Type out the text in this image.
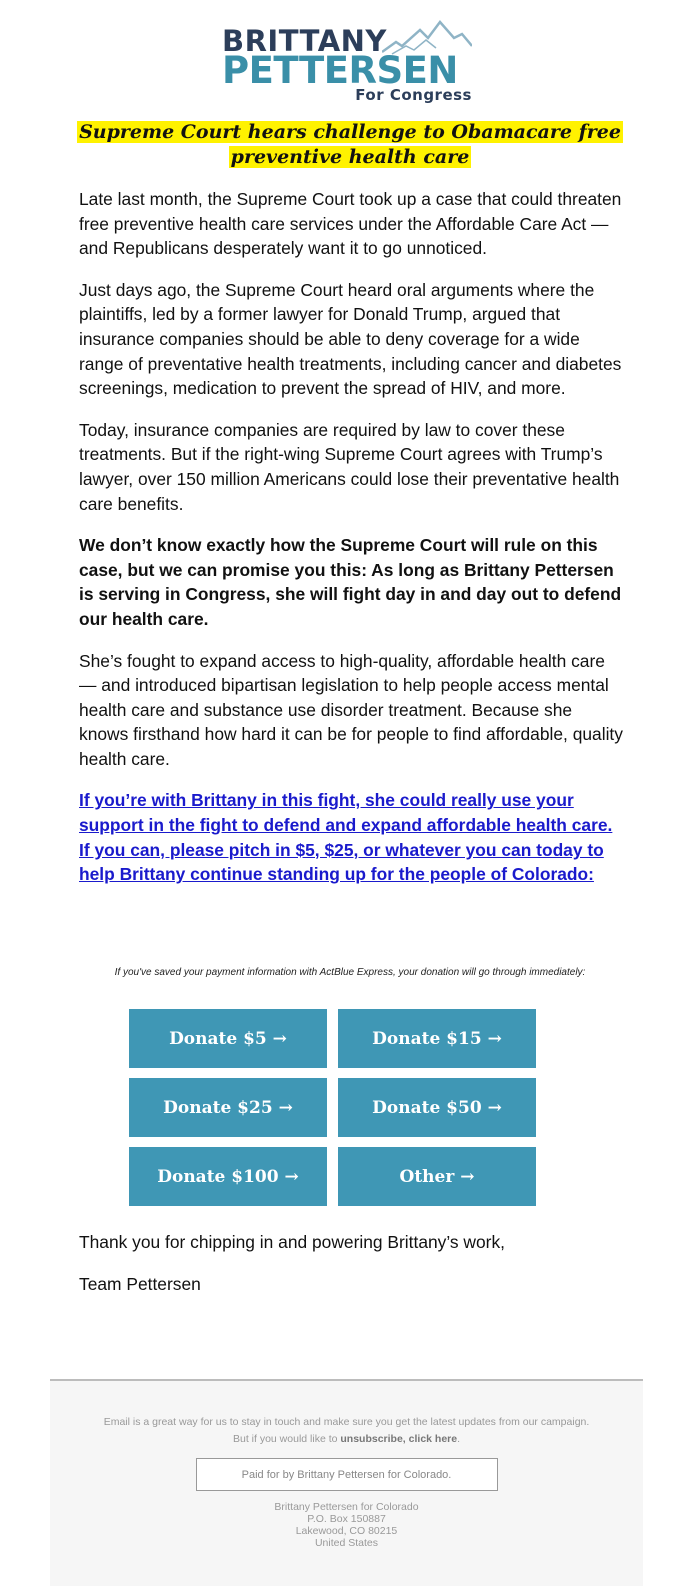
BRITTANY
PETTERSEN
For Congress
Supreme Court hears challenge to Obamacare free
preventive health care

Late last month, the Supreme Court took up a case that could threaten free preventive health care services under the Affordable Care Act — and Republicans desperately want it to go unnoticed.

Just days ago, the Supreme Court heard oral arguments where the plaintiffs, led by a former lawyer for Donald Trump, argued that insurance companies should be able to deny coverage for a wide range of preventative health treatments, including cancer and diabetes screenings, medication to prevent the spread of HIV, and more.

Today, insurance companies are required by law to cover these treatments. But if the right-wing Supreme Court agrees with Trump’s lawyer, over 150 million Americans could lose their preventative health care benefits.

We don’t know exactly how the Supreme Court will rule on this case, but we can promise you this: As long as Brittany Pettersen is serving in Congress, she will fight day in and day out to defend our health care.

She’s fought to expand access to high-quality, affordable health care — and introduced bipartisan legislation to help people access mental health care and substance use disorder treatment. Because she knows firsthand how hard it can be for people to find affordable, quality health care.

If you’re with Brittany in this fight, she could really use your support in the fight to defend and expand affordable health care. If you can, please pitch in $5, $25, or whatever you can today to help Brittany continue standing up for the people of Colorado:

If you've saved your payment information with ActBlue Express, your donation will go through immediately:
Donate $5 →	Donate $15 →
Donate $25 →	Donate $50 →
Donate $100 →	Other →

Thank you for chipping in and powering Brittany’s work,

Team Pettersen

Email is a great way for us to stay in touch and make sure you get the latest updates from our campaign.
But if you would like to unsubscribe, click here.
Paid for by Brittany Pettersen for Colorado.
Brittany Pettersen for Colorado
P.O. Box 150887
Lakewood, CO 80215
United States
